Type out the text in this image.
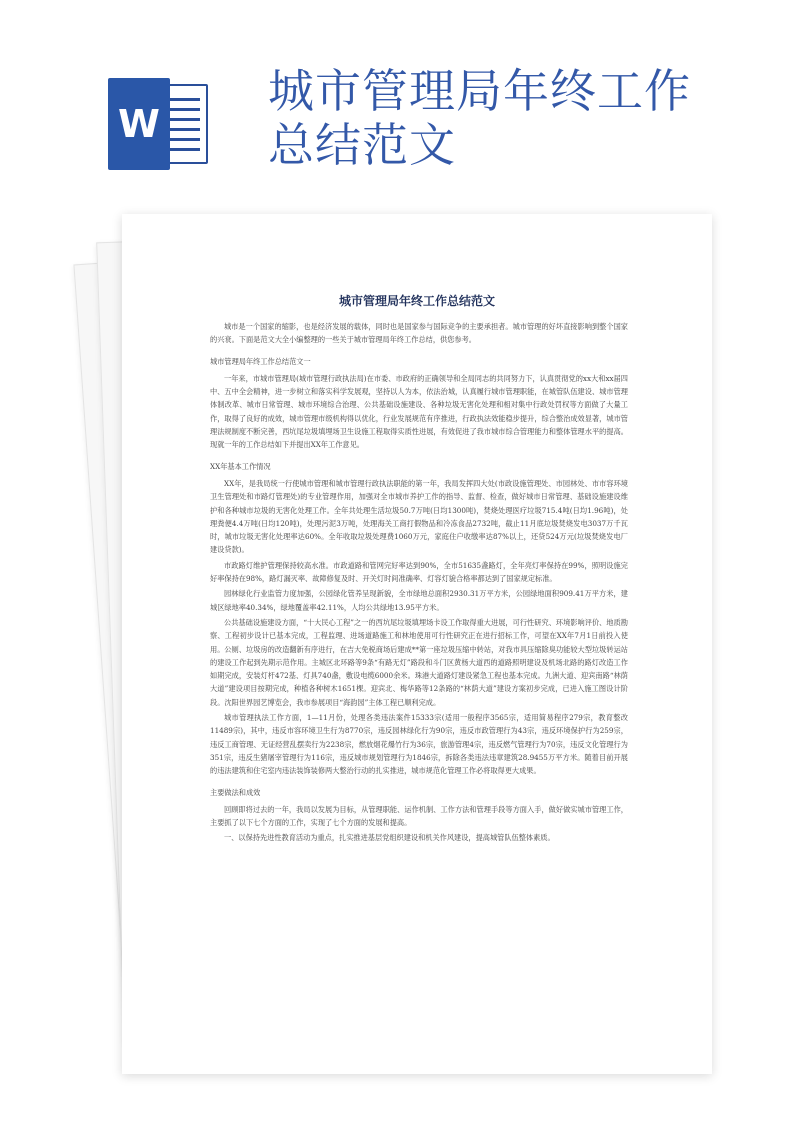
W
城市管理局年终工作总结范文
城市管理局年终工作总结范文

城市是一个国家的缩影，也是经济发展的载体，同时也是国家参与国际竞争的主要承担者。城市管理的好坏直接影响到整个国家的兴衰。下面是范文大全小编整理的一些关于城市管理局年终工作总结，供您参考。

城市管理局年终工作总结范文一

一年来，市城市管理局(城市管理行政执法局)在市委、市政府的正确领导和全局同志的共同努力下，认真贯彻党的xx大和xx届四中、五中全会精神，进一步树立和落实科学发展观，坚持以人为本，依法治城，认真履行城市管理职能，在城管队伍建设、城市管理体制改革、城市日常管理、城市环境综合治理、公共基础设施建设、各种垃圾无害化处理和相对集中行政处罚权等方面做了大量工作，取得了良好的成效，城市管理市级机构得以优化，行业发展规范有序推进，行政执法效能稳步提升，综合整治成效显著，城市管理法规制度不断完善，西坑尾垃圾填埋场卫生设施工程取得实质性进展，有效促进了我市城市综合管理能力和整体管理水平的提高。现就一年的工作总结如下并提出XX年工作意见。

XX年基本工作情况

XX年，是我局统一行使城市管理和城市管理行政执法职能的第一年，我局发挥四大处(市政设施管理处、市园林处、市市容环境卫生管理处和市路灯管理处)的专业管理作用，加强对全市城市养护工作的指导、监督、检查，做好城市日常管理、基础设施建设维护和各种城市垃圾的无害化处理工作。全年共处理生活垃圾50.7万吨(日均1300吨)，焚烧处理医疗垃圾715.4吨(日均1.96吨)，处理粪便4.4万吨(日均120吨)，处理污泥3万吨，处理海关工商打假物品和冷冻食品2732吨，截止11月底垃圾焚烧发电3037万千瓦时，城市垃圾无害化处理率达60%。全年收取垃圾处理费1060万元，家庭住户收缴率达87%以上，还贷524万元(垃圾焚烧发电厂建设贷款)。

市政路灯维护管理保持较高水准。市政道路和管网完好率达到90%，全市51635盏路灯，全年亮灯率保持在99%，照明设施完好率保持在98%，路灯漏灭率、故障修复及时、开关灯时间准确率、灯容灯貌合格率都达到了国家规定标准。

园林绿化行业监管力度加强，公园绿化管养呈现新貌，全市绿地总面积2930.31万平方米，公园绿地面积909.41万平方米，建城区绿地率40.34%，绿地覆盖率42.11%，人均公共绿地13.95平方米。

公共基础设施建设方面，“十大民心工程”之一的西坑尾垃圾填埋场卡设工作取得重大进展，可行性研究、环境影响评价、地质勘察、工程初步设计已基本完成，工程监理、进场道路施工和林地使用可行性研究正在进行招标工作，可望在XX年7月1日前投入使用。公厕、垃圾房的改造翻新有序进行，在吉大免税商场后建成**第一座垃圾压缩中转站，对我市具压缩除臭功能较大型垃圾转运站的建设工作起到先期示范作用。主城区北环路等9条“有路无灯”路段和斗门区黄杨大道西的道路照明建设及机场北路的路灯改造工作如期完成，安装灯杆472基、灯具740盏，敷设电缆6000余米。珠港大道路灯建设紧急工程也基本完成。九洲大道、迎宾南路“林荫大道”建设项目按期完成，种植各种树木1651棵。迎宾北、梅华路等12条路的“林荫大道”建设方案初步完成，已进入施工图设计阶段。沈阳世界园艺博览会，我市参展项目“海韵园”主体工程已顺利完成。

城市管理执法工作方面，1—11月份，处理各类违法案件15333宗(适用一般程序3565宗，适用简易程序279宗，教育整改11489宗)，其中，违反市容环境卫生行为8770宗，违反园林绿化行为90宗，违反市政管理行为43宗，违反环境保护行为259宗，违反工商管理、无证经营乱摆卖行为2238宗，燃放烟花爆竹行为36宗，旅游管理4宗，违反燃气管理行为70宗，违反文化管理行为351宗，违反生猪屠宰管理行为116宗，违反城市规划管理行为1846宗，拆除各类违法违章建筑28.9455万平方米。随着目前开展的违法建筑和住宅室内违法装饰装修两大整治行动的扎实推进，城市规范化管理工作必将取得更大成果。

主要做法和成效

回顾即将过去的一年，我局以发展为目标，从管理职能、运作机制、工作方法和管理手段等方面入手，做好做实城市管理工作，主要抓了以下七个方面的工作，实现了七个方面的发展和提高。

一、以保持先进性教育活动为重点，扎实推进基层党组织建设和机关作风建设，提高城管队伍整体素质。
